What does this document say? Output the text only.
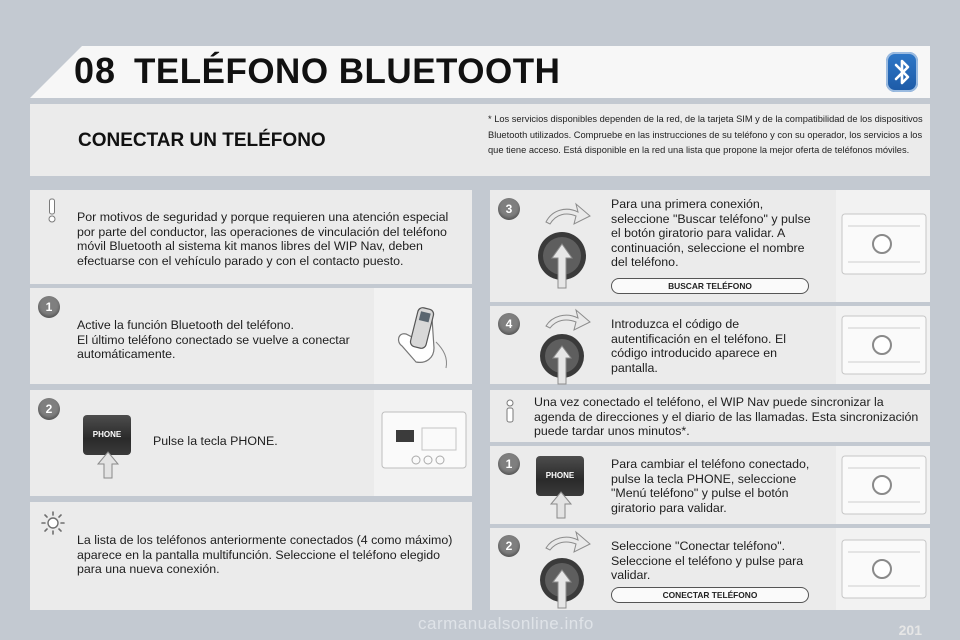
08 TELÉFONO BLUETOOTH
CONECTAR UN TELÉFONO
* Los servicios disponibles dependen de la red, de la tarjeta SIM y de la compatibilidad de los dispositivos Bluetooth utilizados. Compruebe en las instrucciones de su teléfono y con su operador, los servicios a los que tiene acceso. Está disponible en la red una lista que propone la mejor oferta de teléfonos móviles.
Por motivos de seguridad y porque requieren una atención especial por parte del conductor, las operaciones de vinculación del teléfono móvil Bluetooth al sistema kit manos libres del WIP Nav, deben efectuarse con el vehículo parado y con el contacto puesto.
1
Active la función Bluetooth del teléfono.
El último teléfono conectado se vuelve a conectar automáticamente.
2
PHONE	Pulse la tecla PHONE.
La lista de los teléfonos anteriormente conectados (4 como máximo) aparece en la pantalla multifunción. Seleccione el teléfono elegido para una nueva conexión.
3	Para una primera conexión, seleccione "Buscar teléfono" y pulse el botón giratorio para validar. A continuación, seleccione el nombre del teléfono.
BUSCAR TELÉFONO
4	Introduzca el código de autentificación en el teléfono. El código introducido aparece en pantalla.
Una vez conectado el teléfono, el WIP Nav puede sincronizar la agenda de direcciones y el diario de las llamadas. Esta sincronización puede tardar unos minutos*.
1
PHONE
Para cambiar el teléfono conectado, pulse la tecla PHONE, seleccione "Menú teléfono" y pulse el botón giratorio para validar.
2	Seleccione "Conectar teléfono".
Seleccione el teléfono y pulse para validar.
CONECTAR TELÉFONO
carmanualsonline.info	201
